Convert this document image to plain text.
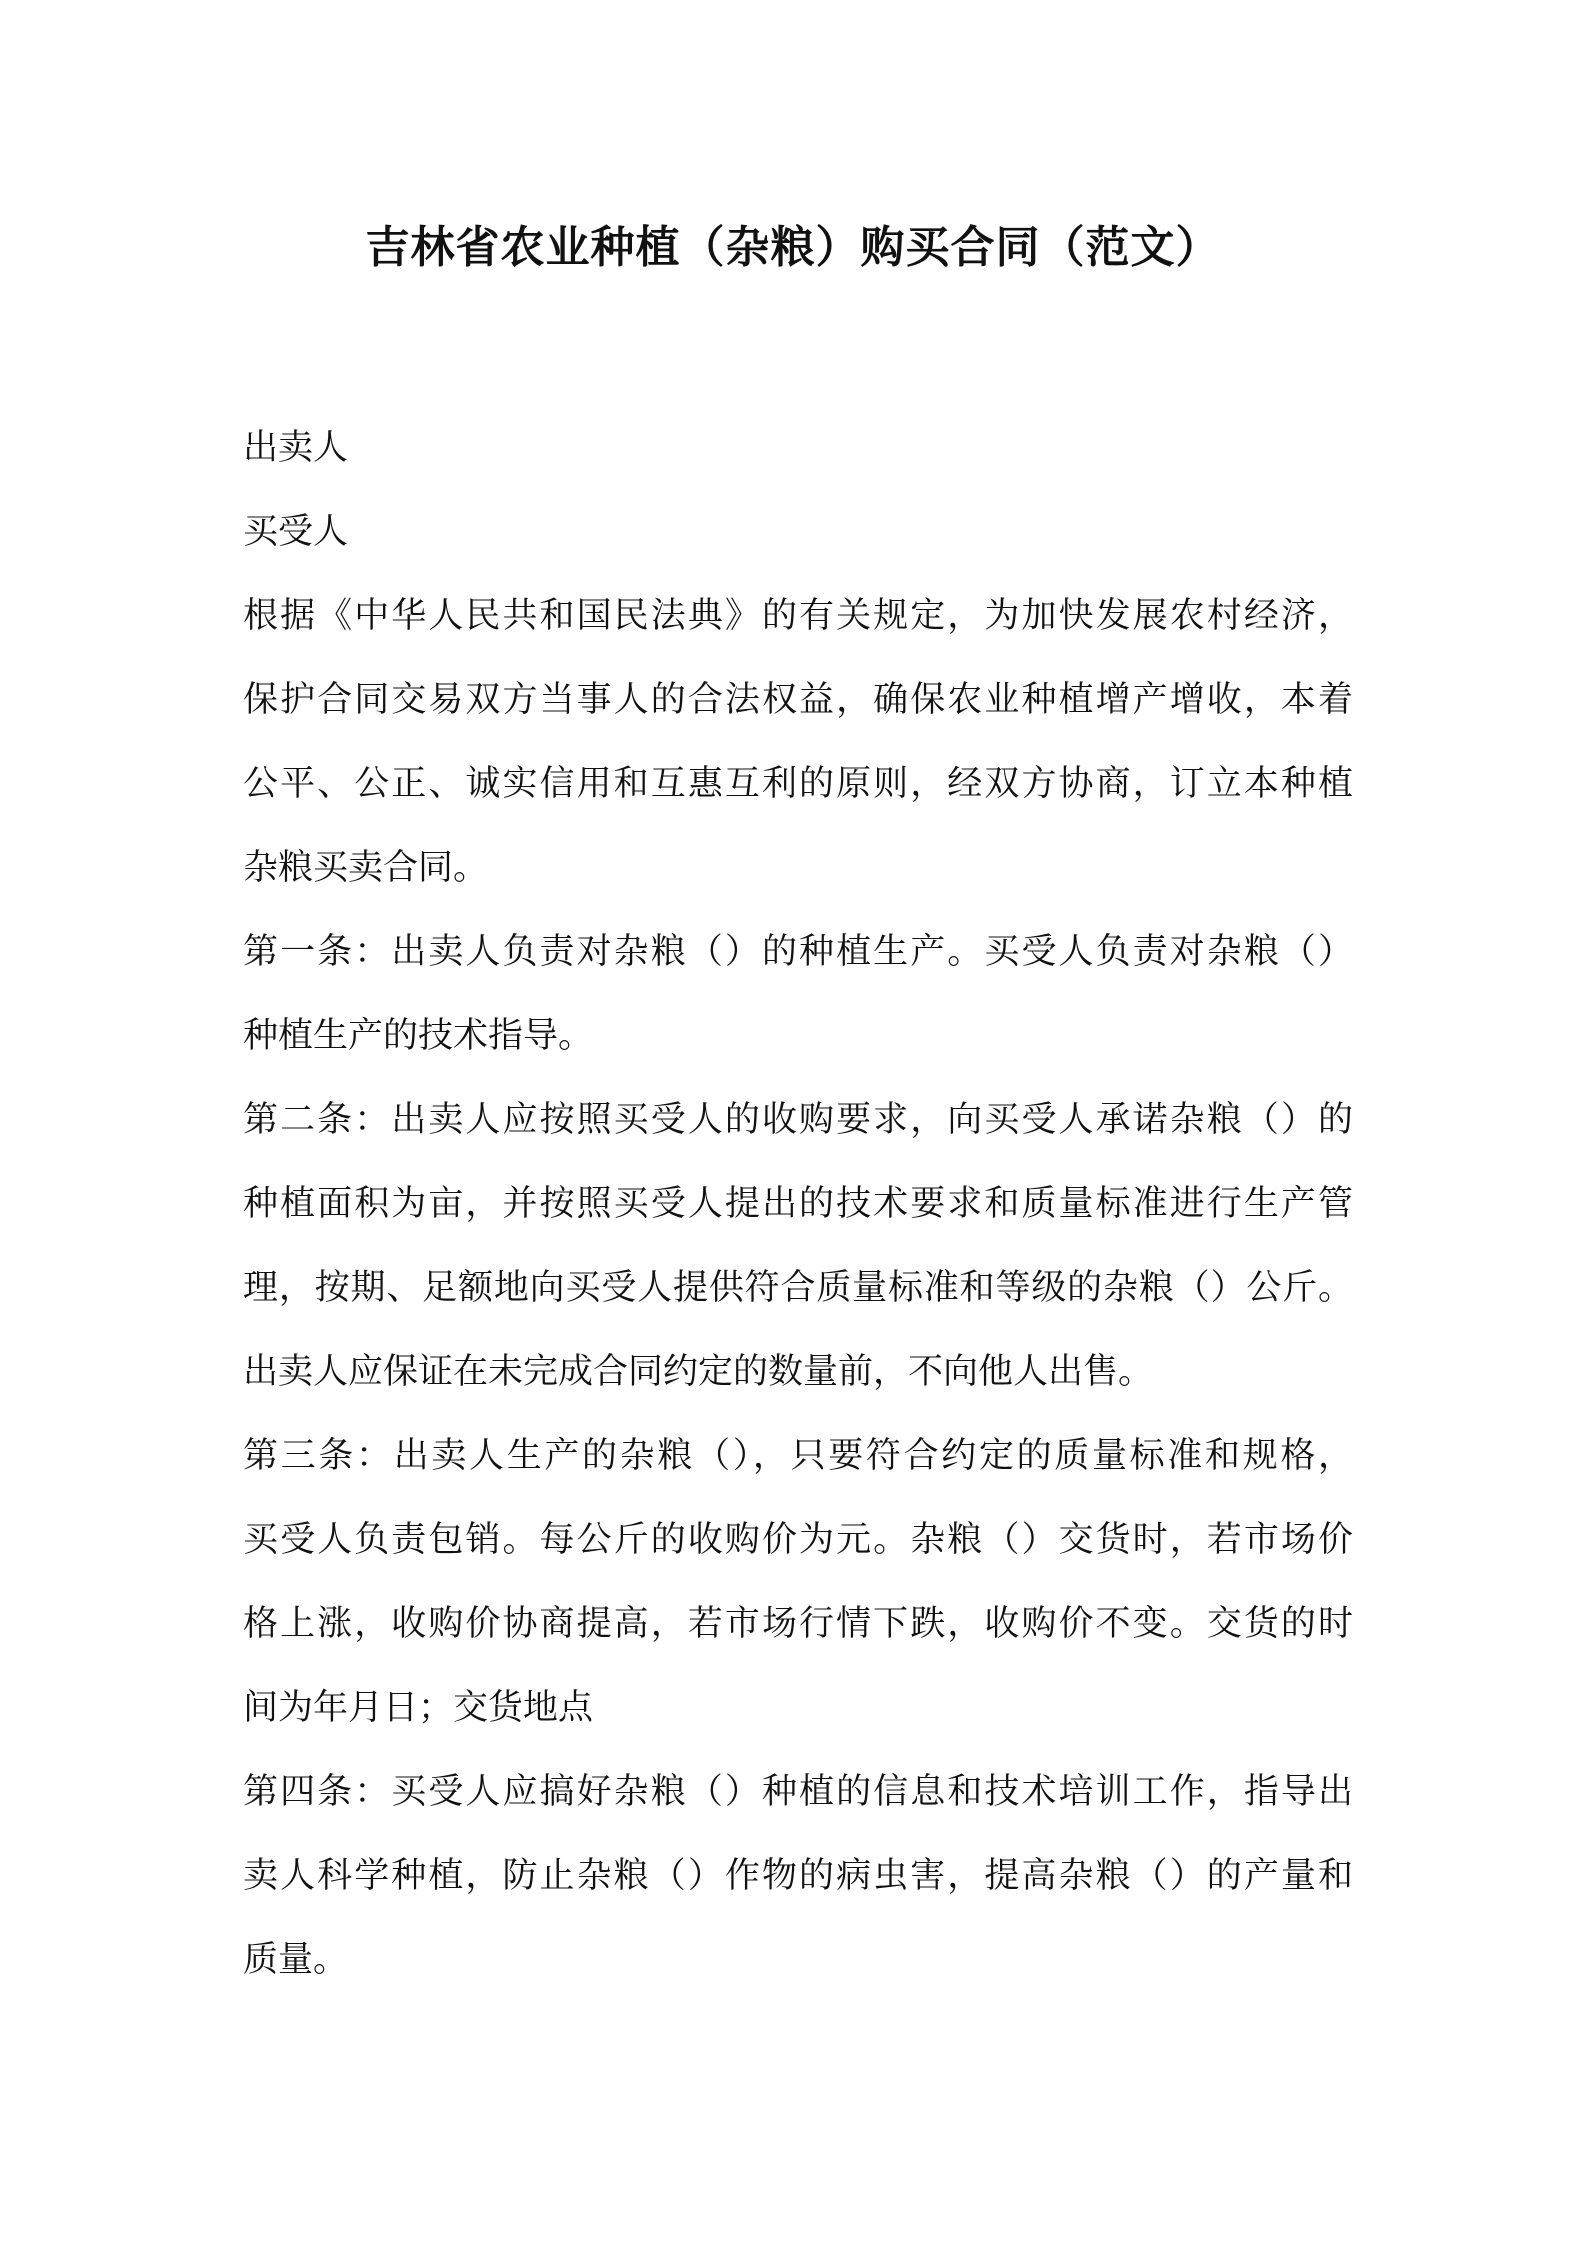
吉林省农业种植（杂粮）购买合同（范文）
出卖人
买受人
根据《中华人民共和国民法典》的有关规定，为加快发展农村经济，
保护合同交易双方当事人的合法权益，确保农业种植增产增收，本着
公平、公正、诚实信用和互惠互利的原则，经双方协商，订立本种植
杂粮买卖合同。
第一条：出卖人负责对杂粮（）的种植生产。买受人负责对杂粮（）
种植生产的技术指导。
第二条：出卖人应按照买受人的收购要求，向买受人承诺杂粮（）的
种植面积为亩，并按照买受人提出的技术要求和质量标准进行生产管
理，按期、足额地向买受人提供符合质量标准和等级的杂粮（）公斤。
出卖人应保证在未完成合同约定的数量前，不向他人出售。
第三条：出卖人生产的杂粮（），只要符合约定的质量标准和规格，
买受人负责包销。每公斤的收购价为元。杂粮（）交货时，若市场价
格上涨，收购价协商提高，若市场行情下跌，收购价不变。交货的时
间为年月日；交货地点
第四条：买受人应搞好杂粮（）种植的信息和技术培训工作，指导出
卖人科学种植，防止杂粮（）作物的病虫害，提高杂粮（）的产量和
质量。
